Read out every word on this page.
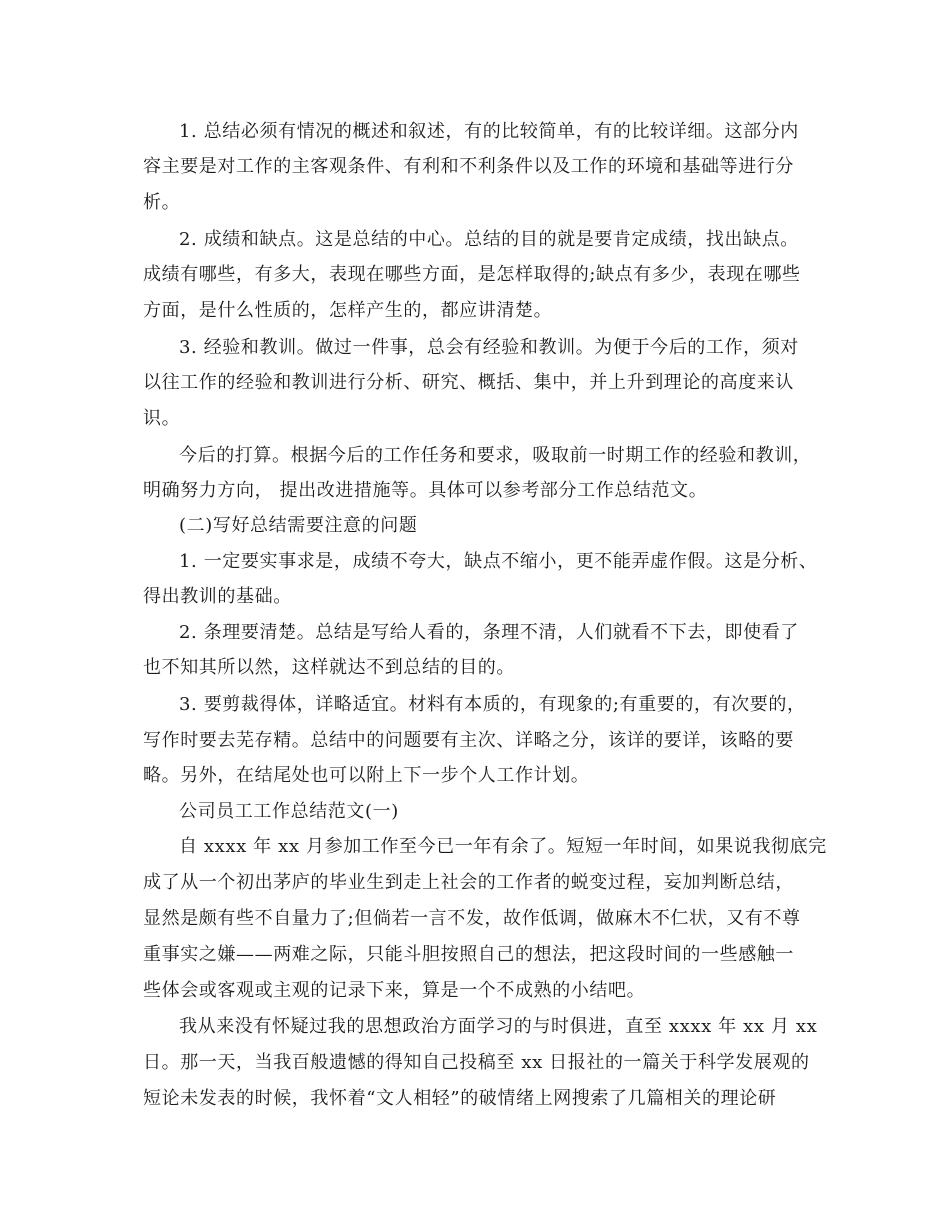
1. 总结必须有情况的概述和叙述，有的比较简单，有的比较详细。这部分内
容主要是对工作的主客观条件、有利和不利条件以及工作的环境和基础等进行分
析。
2. 成绩和缺点。这是总结的中心。总结的目的就是要肯定成绩，找出缺点。
成绩有哪些，有多大，表现在哪些方面，是怎样取得的;缺点有多少，表现在哪些
方面，是什么性质的，怎样产生的，都应讲清楚。
3. 经验和教训。做过一件事，总会有经验和教训。为便于今后的工作，须对
以往工作的经验和教训进行分析、研究、概括、集中，并上升到理论的高度来认
识。
今后的打算。根据今后的工作任务和要求，吸取前一时期工作的经验和教训，
明确努力方向， 提出改进措施等。具体可以参考部分工作总结范文。
(二)写好总结需要注意的问题
1. 一定要实事求是，成绩不夸大，缺点不缩小，更不能弄虚作假。这是分析、
得出教训的基础。
2. 条理要清楚。总结是写给人看的，条理不清，人们就看不下去，即使看了
也不知其所以然，这样就达不到总结的目的。
3. 要剪裁得体，详略适宜。材料有本质的，有现象的;有重要的，有次要的，
写作时要去芜存精。总结中的问题要有主次、详略之分，该详的要详，该略的要
略。另外，在结尾处也可以附上下一步个人工作计划。
公司员工工作总结范文(一)
自 xxxx 年 xx 月参加工作至今已一年有余了。短短一年时间，如果说我彻底完
成了从一个初出茅庐的毕业生到走上社会的工作者的蜕变过程，妄加判断总结，
显然是颇有些不自量力了;但倘若一言不发，故作低调，做麻木不仁状，又有不尊
重事实之嫌——两难之际，只能斗胆按照自己的想法，把这段时间的一些感触一
些体会或客观或主观的记录下来，算是一个不成熟的小结吧。
我从来没有怀疑过我的思想政治方面学习的与时俱进，直至 xxxx 年 xx 月 xx
日。那一天，当我百般遗憾的得知自己投稿至 xx 日报社的一篇关于科学发展观的
短论未发表的时候，我怀着“文人相轻”的破情绪上网搜索了几篇相关的理论研
